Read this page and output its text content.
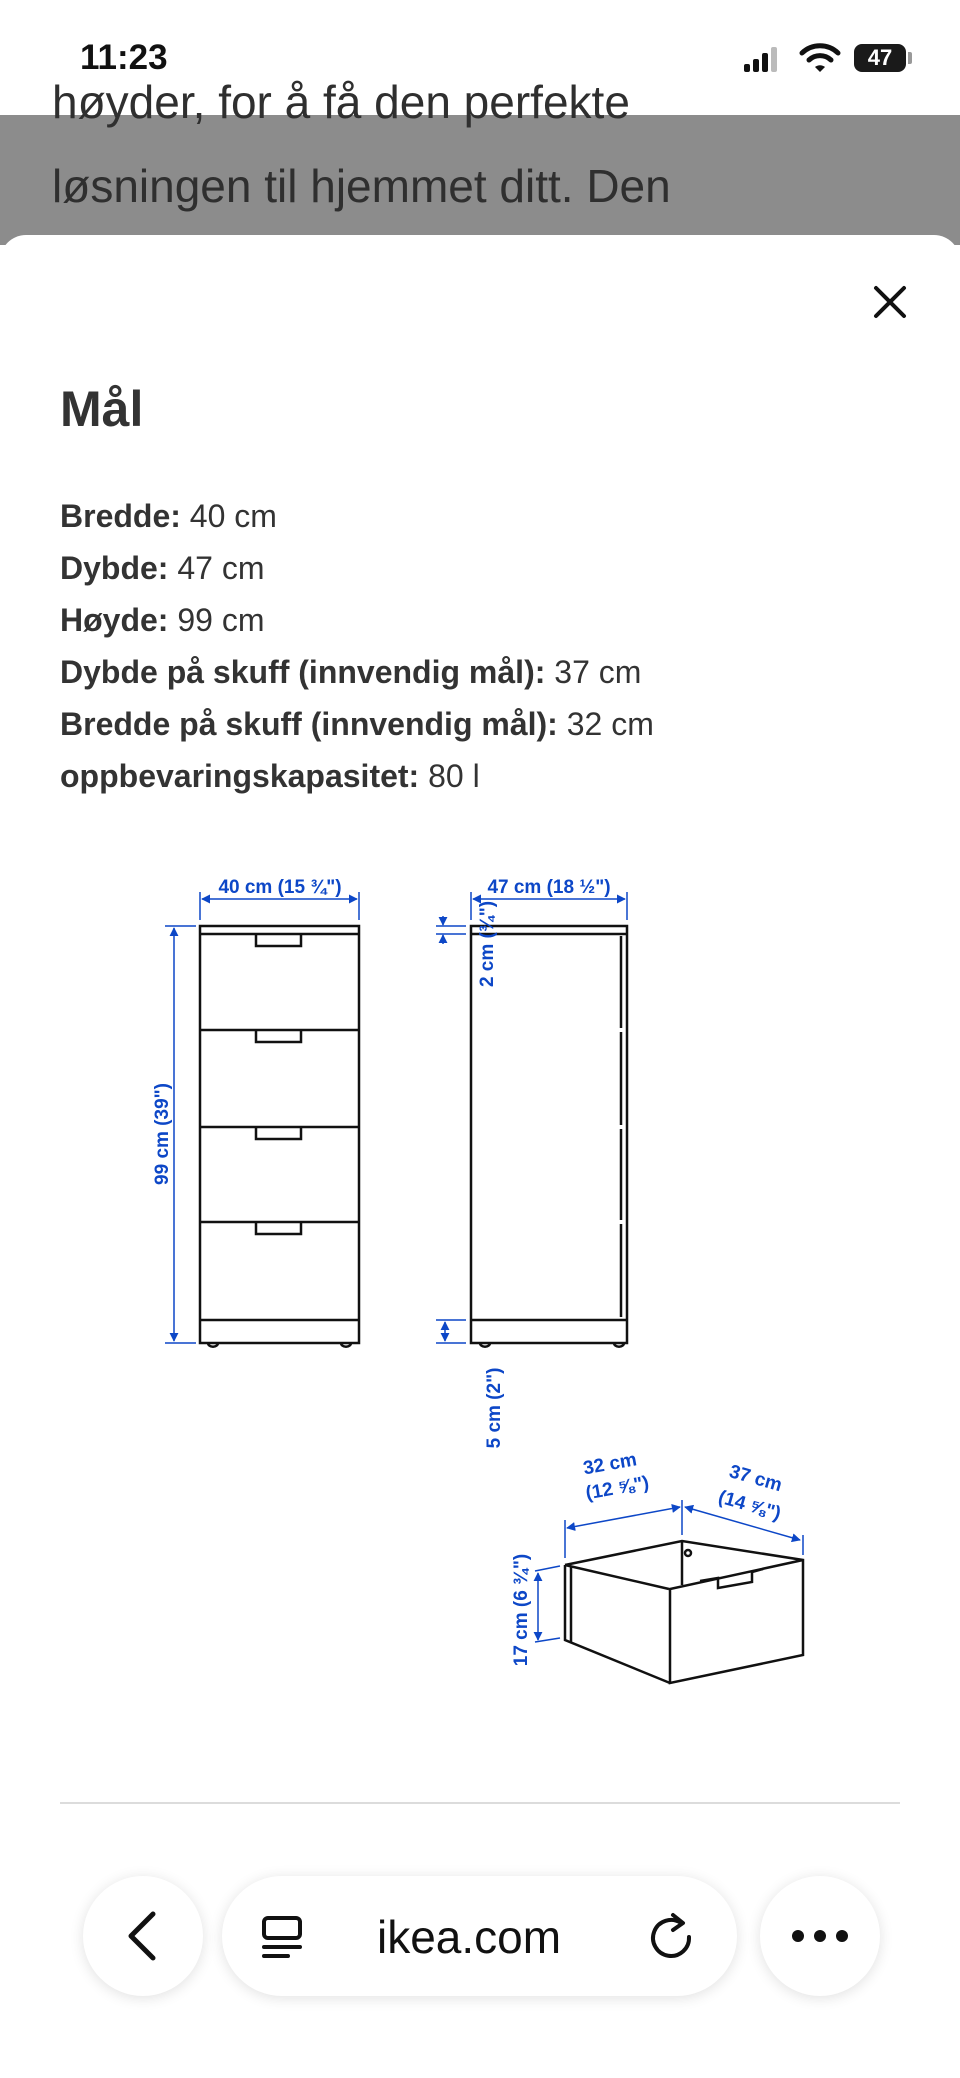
11:23	47
høyder, for å få den perfekte
løsningen til hjemmet ditt. Den
Mål
Bredde: 40 cm
Dybde: 47 cm
Høyde: 99 cm
Dybde på skuff (innvendig mål): 37 cm
Bredde på skuff (innvendig mål): 32 cm
oppbevaringskapasitet: 80 l
40 cm (15 ¾")
99 cm (39")
47 cm (18 ½")
32 cm
(12 ⅝")	37 cm
(14 ⅝")
17 cm (6 ¾")
2 cm (¾")
5 cm (2")
ikea.com
